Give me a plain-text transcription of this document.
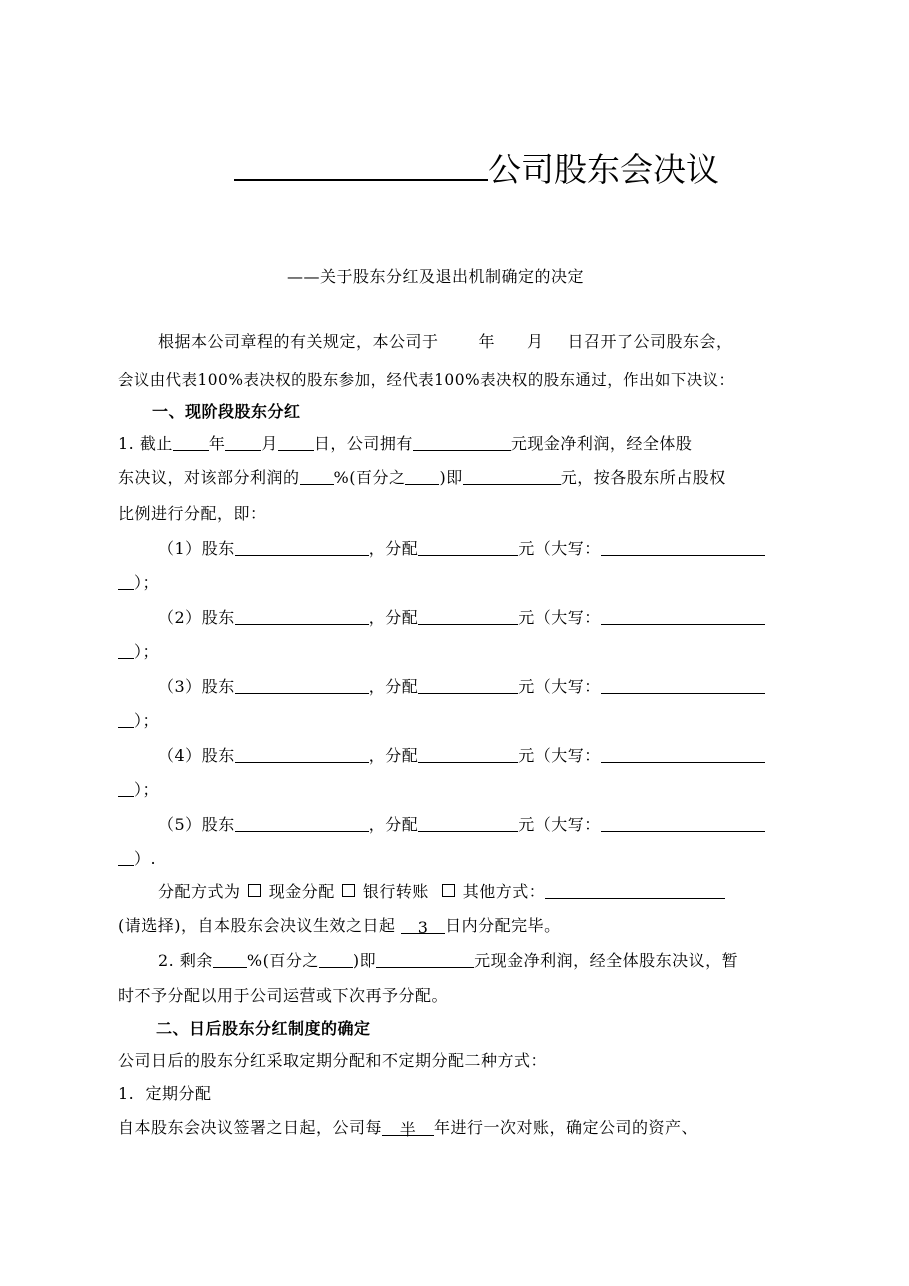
公司股东会决议
——关于股东分红及退出机制确定的决定
根据本公司章程的有关规定，本公司于	年 月 日召开了公司股东会，
会议由代表100%表决权的股东参加，经代表100%表决权的股东通过，作出如下决议：
一、现阶段股东分红
1. 截止 年 月 日，公司拥有	元现金净利润，经全体股
东决议，对该部分利润的 %(百分之 )即	元，按各股东所占股权
比例进行分配，即：
（1）股东	，分配	元（大写：
）；
（2）股东	，分配	元（大写：
）；
（3）股东	，分配	元（大写：
）；
（4）股东	，分配	元（大写：
）；
（5）股东	，分配	元（大写：
）.
分配方式为 现金分配 银行转账 其他方式：
(请选择)，自本股东会决议生效之日起 3 日内分配完毕。
2. 剩余 %(百分之 )即	元现金净利润，经全体股东决议，暂
时不予分配以用于公司运营或下次再予分配。
二、日后股东分红制度的确定
公司日后的股东分红采取定期分配和不定期分配二种方式：
1. 定期分配
自本股东会决议签署之日起，公司每 半 年进行一次对账，确定公司的资产、
